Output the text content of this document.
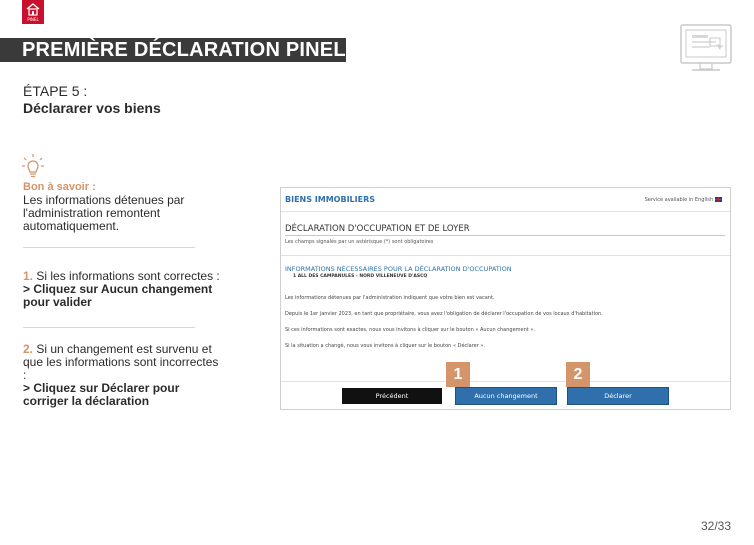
PINEL
PREMIÈRE DÉCLARATION PINEL
ÉTAPE 5 :
Déclararer vos biens
Bon à savoir :
Les informations détenues par l'administration remontent automatiquement.
1. Si les informations sont correctes :
> Cliquez sur Aucun changement pour valider
2. Si un changement est survenu et que les informations sont incorrectes :
> Cliquez sur Déclarer pour corriger la déclaration
BIENS IMMOBILIERS	Service available in English
DÉCLARATION D'OCCUPATION ET DE LOYER
Les champs signalés par un astérisque (*) sont obligatoires
INFORMATIONS NÉCESSAIRES POUR LA DÉCLARATION D'OCCUPATION
1 ALL DES CAMPANULES - NORD VILLENEUVE D'ASCQ
Les informations détenues par l'administration indiquent que votre bien est vacant.
Depuis le 1er janvier 2023, en tant que propriétaire, vous avez l'obligation de déclarer l'occupation de vos locaux d'habitation.
Si ces informations sont exactes, nous vous invitons à cliquer sur le bouton « Aucun changement ».
Si la situation a changé, nous vous invitons à cliquer sur le bouton « Déclarer ».
Précédent	Aucun changement	Déclarer
1	2
32/33
